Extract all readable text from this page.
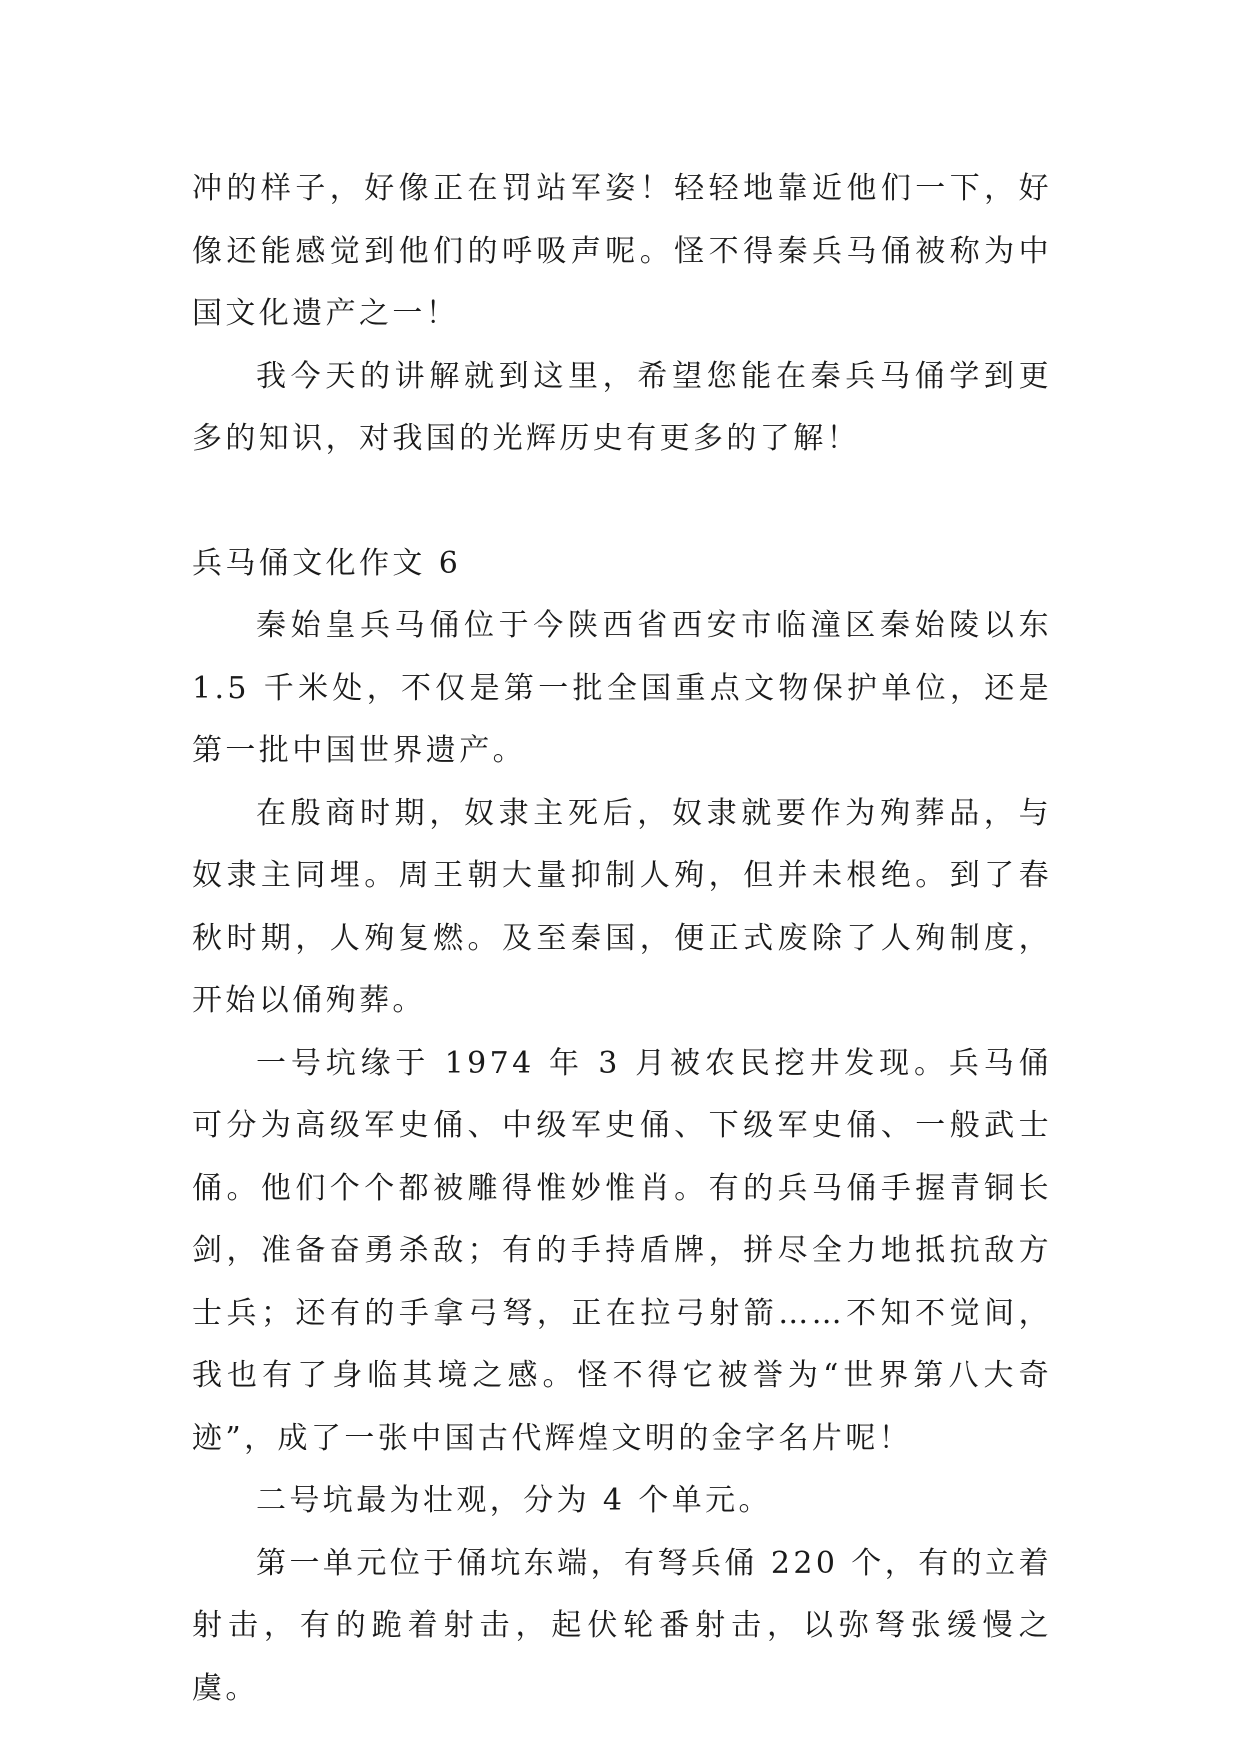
冲的样子，好像正在罚站军姿！轻轻地靠近他们一下，好像还能感觉到他们的呼吸声呢。怪不得秦兵马俑被称为中国文化遗产之一！

我今天的讲解就到这里，希望您能在秦兵马俑学到更多的知识，对我国的光辉历史有更多的了解！

兵马俑文化作文 6

秦始皇兵马俑位于今陕西省西安市临潼区秦始陵以东 1.5 千米处，不仅是第一批全国重点文物保护单位，还是第一批中国世界遗产。

在殷商时期，奴隶主死后，奴隶就要作为殉葬品，与奴隶主同埋。周王朝大量抑制人殉，但并未根绝。到了春秋时期，人殉复燃。及至秦国，便正式废除了人殉制度，开始以俑殉葬。

一号坑缘于 1974 年 3 月被农民挖井发现。兵马俑可分为高级军史俑、中级军史俑、下级军史俑、一般武士俑。他们个个都被雕得惟妙惟肖。有的兵马俑手握青铜长剑，准备奋勇杀敌；有的手持盾牌，拼尽全力地抵抗敌方士兵；还有的手拿弓弩，正在拉弓射箭……不知不觉间，我也有了身临其境之感。怪不得它被誉为“世界第八大奇迹”，成了一张中国古代辉煌文明的金字名片呢！

二号坑最为壮观，分为 4 个单元。

第一单元位于俑坑东端，有弩兵俑 220 个，有的立着射击，有的跪着射击，起伏轮番射击，以弥弩张缓慢之虞。
